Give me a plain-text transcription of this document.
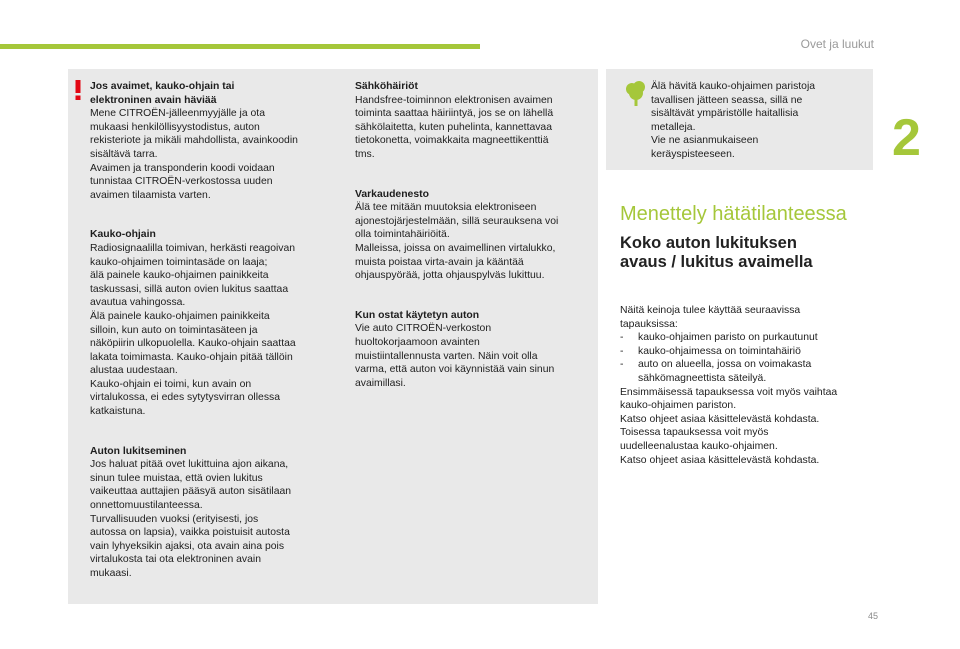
Ovet ja luukut
2

Jos avaimet, kauko-ohjain tai
elektroninen avain häviää
Mene CITROËN-jälleenmyyjälle ja ota
mukaasi henkilöllisyystodistus, auton
rekisteriote ja mikäli mahdollista, avainkoodin
sisältävä tarra.
Avaimen ja transponderin koodi voidaan
tunnistaa CITROËN-verkostossa uuden
avaimen tilaamista varten.

Kauko-ohjain
Radiosignaalilla toimivan, herkästi reagoivan
kauko-ohjaimen toimintasäde on laaja;
älä painele kauko-ohjaimen painikkeita
taskussasi, sillä auton ovien lukitus saattaa
avautua vahingossa.
Älä painele kauko-ohjaimen painikkeita
silloin, kun auto on toimintasäteen ja
näköpiirin ulkopuolella. Kauko-ohjain saattaa
lakata toimimasta. Kauko-ohjain pitää tällöin
alustaa uudestaan.
Kauko-ohjain ei toimi, kun avain on
virtalukossa, ei edes sytytysvirran ollessa
katkaistuna.

Auton lukitseminen
Jos haluat pitää ovet lukittuina ajon aikana,
sinun tulee muistaa, että ovien lukitus
vaikeuttaa auttajien pääsyä auton sisätilaan
onnettomuustilanteessa.
Turvallisuuden vuoksi (erityisesti, jos
autossa on lapsia), vaikka poistuisit autosta
vain lyhyeksikin ajaksi, ota avain aina pois
virtalukosta tai ota elektroninen avain
mukaasi.

Sähköhäiriöt
Handsfree-toiminnon elektronisen avaimen
toiminta saattaa häiriintyä, jos se on lähellä
sähkölaitetta, kuten puhelinta, kannettavaa
tietokonetta, voimakkaita magneettikenttiä
tms.

Varkaudenesto
Älä tee mitään muutoksia elektroniseen
ajonestojärjestelmään, sillä seurauksena voi
olla toimintahäiriöitä.
Malleissa, joissa on avaimellinen virtalukko,
muista poistaa virta-avain ja kääntää
ohjauspyörää, jotta ohjauspylväs lukittuu.

Kun ostat käytetyn auton
Vie auto CITROËN-verkoston
huoltokorjaamoon avainten
muistiintallennusta varten. Näin voit olla
varma, että auton voi käynnistää vain sinun
avaimillasi.

Älä hävitä kauko-ohjaimen paristoja
tavallisen jätteen seassa, sillä ne
sisältävät ympäristölle haitallisia
metalleja.
Vie ne asianmukaiseen
keräyspisteeseen.

Menettely hätätilanteessa
Koko auton lukituksen
avaus / lukitus avaimella
Näitä keinoja tulee käyttää seuraavissa
tapauksissa:
-	kauko-ohjaimen paristo on purkautunut
-	kauko-ohjaimessa on toimintahäiriö
-	auto on alueella, jossa on voimakasta sähkömagneettista säteilyä.
Ensimmäisessä tapauksessa voit myös vaihtaa
kauko-ohjaimen pariston.
Katso ohjeet asiaa käsittelevästä kohdasta.
Toisessa tapauksessa voit myös
uudelleenalustaa kauko-ohjaimen.
Katso ohjeet asiaa käsittelevästä kohdasta.
45
